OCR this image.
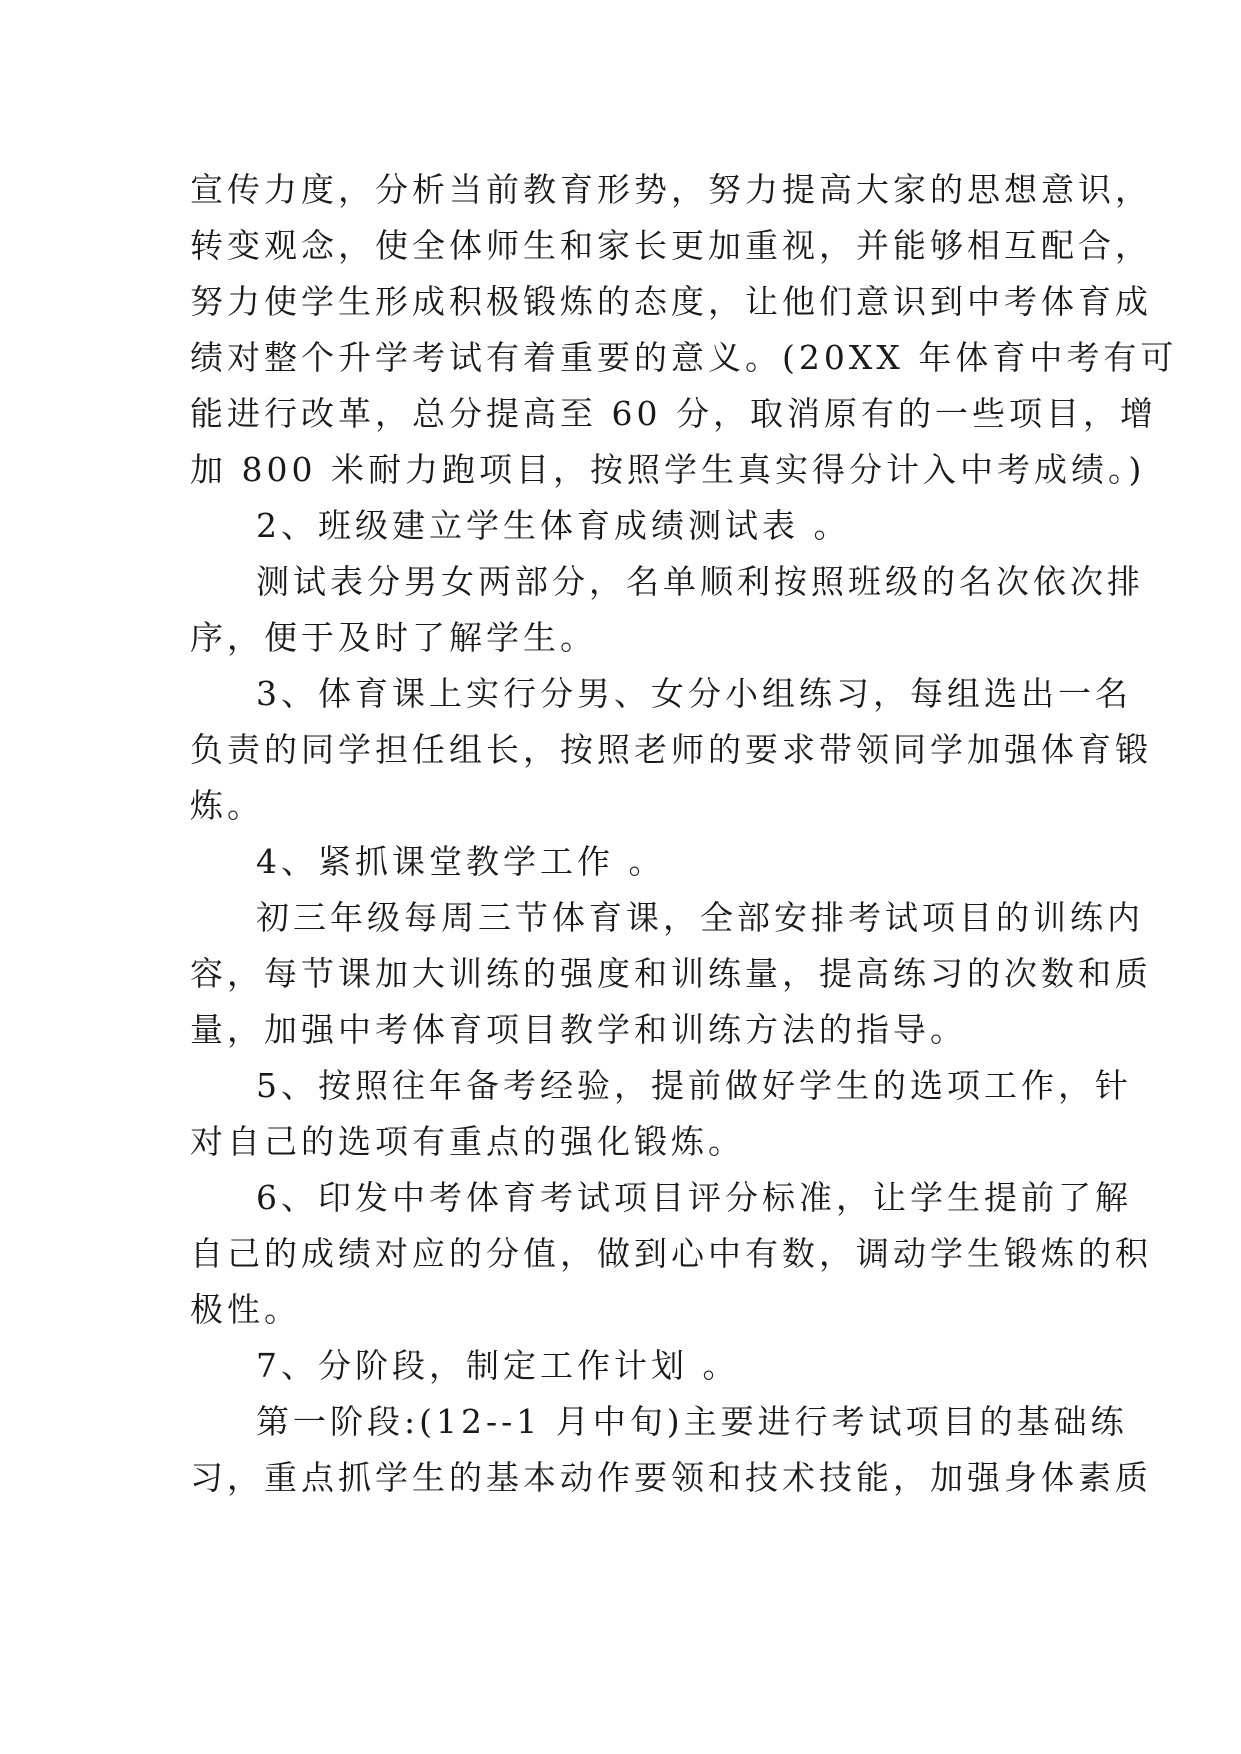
宣传力度，分析当前教育形势，努力提高大家的思想意识，
转变观念，使全体师生和家长更加重视，并能够相互配合，
努力使学生形成积极锻炼的态度，让他们意识到中考体育成
绩对整个升学考试有着重要的意义。(20XX 年体育中考有可
能进行改革，总分提高至 60 分，取消原有的一些项目，增
加 800 米耐力跑项目，按照学生真实得分计入中考成绩。)
2、班级建立学生体育成绩测试表 。
测试表分男女两部分，名单顺利按照班级的名次依次排
序，便于及时了解学生。
3、体育课上实行分男、女分小组练习，每组选出一名
负责的同学担任组长，按照老师的要求带领同学加强体育锻
炼。
4、紧抓课堂教学工作 。
初三年级每周三节体育课，全部安排考试项目的训练内
容，每节课加大训练的强度和训练量，提高练习的次数和质
量，加强中考体育项目教学和训练方法的指导。
5、按照往年备考经验，提前做好学生的选项工作，针
对自己的选项有重点的强化锻炼。
6、印发中考体育考试项目评分标准，让学生提前了解
自己的成绩对应的分值，做到心中有数，调动学生锻炼的积
极性。
7、分阶段，制定工作计划 。
第一阶段:(12--1 月中旬)主要进行考试项目的基础练
习，重点抓学生的基本动作要领和技术技能，加强身体素质
